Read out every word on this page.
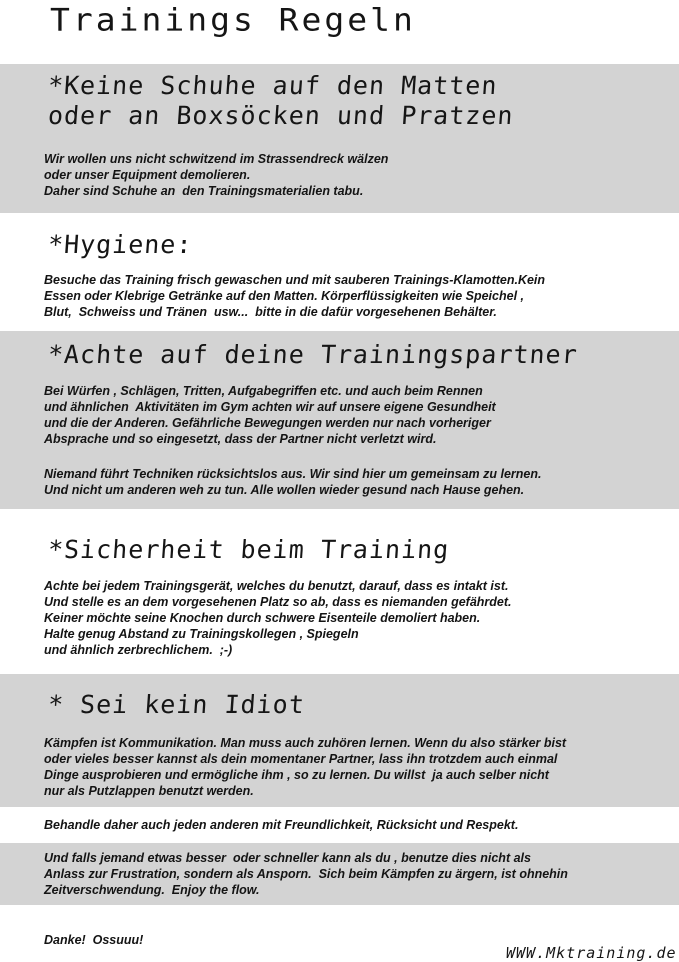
Trainings Regeln
*Keine Schuhe auf den Matten
oder an Boxsöcken und Pratzen

Wir wollen uns nicht schwitzend im Strassendreck wälzen
oder unser Equipment demolieren.
Daher sind Schuhe an  den Trainingsmaterialien tabu.

*Hygiene:

Besuche das Training frisch gewaschen und mit sauberen Trainings-Klamotten.Kein
Essen oder Klebrige Getränke auf den Matten. Körperflüssigkeiten wie Speichel ,
Blut,  Schweiss und Tränen  usw...  bitte in die dafür vorgesehenen Behälter.

*Achte auf deine Trainingspartner

Bei Würfen , Schlägen, Tritten, Aufgabegriffen etc. und auch beim Rennen
und ähnlichen  Aktivitäten im Gym achten wir auf unsere eigene Gesundheit
und die der Anderen. Gefährliche Bewegungen werden nur nach vorheriger
Absprache und so eingesetzt, dass der Partner nicht verletzt wird.

Niemand führt Techniken rücksichtslos aus. Wir sind hier um gemeinsam zu lernen.
Und nicht um anderen weh zu tun. Alle wollen wieder gesund nach Hause gehen.

*Sicherheit beim Training

Achte bei jedem Trainingsgerät, welches du benutzt, darauf, dass es intakt ist.
Und stelle es an dem vorgesehenen Platz so ab, dass es niemanden gefährdet.
Keiner möchte seine Knochen durch schwere Eisenteile demoliert haben.
Halte genug Abstand zu Trainingskollegen , Spiegeln
und ähnlich zerbrechlichem.  ;-)

* Sei kein Idiot

Kämpfen ist Kommunikation. Man muss auch zuhören lernen. Wenn du also stärker bist
oder vieles besser kannst als dein momentaner Partner, lass ihn trotzdem auch einmal
Dinge ausprobieren und ermögliche ihm , so zu lernen. Du willst  ja auch selber nicht
nur als Putzlappen benutzt werden.

Behandle daher auch jeden anderen mit Freundlichkeit, Rücksicht und Respekt.

Und falls jemand etwas besser  oder schneller kann als du , benutze dies nicht als
Anlass zur Frustration, sondern als Ansporn.  Sich beim Kämpfen zu ärgern, ist ohnehin
Zeitverschwendung.  Enjoy the flow.

Danke!  Ossuuu!

WWW.Mktraining.de
